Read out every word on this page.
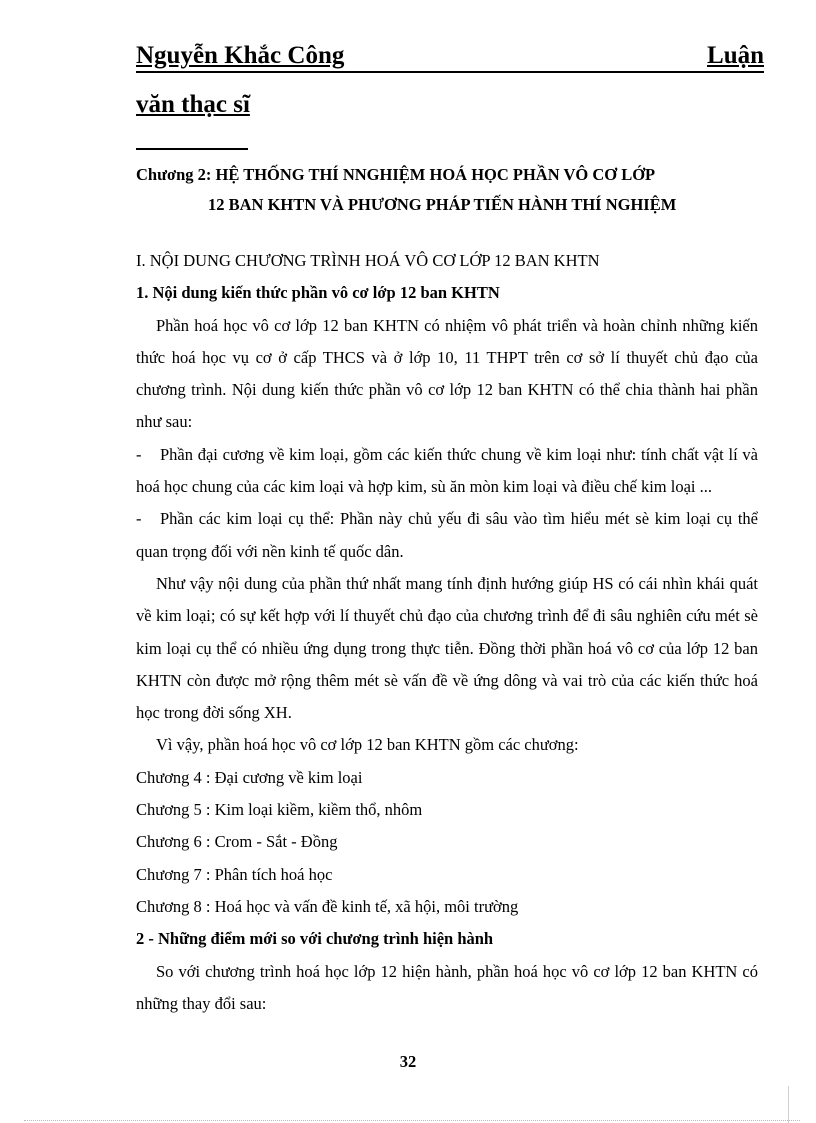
Nguyễn Khắc Công	Luận
văn thạc sĩ
Chương 2: HỆ THỐNG THÍ NNGHIỆM HOÁ HỌC PHẦN VÔ CƠ LỚP
12 BAN KHTN VÀ PHƯƠNG PHÁP TIẾN HÀNH THÍ NGHIỆM

I. NỘI DUNG CHƯƠNG TRÌNH HOÁ VÔ CƠ LỚP 12 BAN KHTN

1. Nội dung kiến thức phần vô cơ lớp 12 ban KHTN

Phần hoá học vô cơ lớp 12 ban KHTN có nhiệm vô phát triển và hoàn chỉnh những kiến thức hoá học vụ cơ ở cấp THCS và ở lớp 10, 11 THPT trên cơ sở lí thuyết chủ đạo của chương trình. Nội dung kiến thức phần vô cơ lớp 12 ban KHTN có thể chia thành hai phần như sau:

- Phần đại cương về kim loại, gồm các kiến thức chung về kim loại như: tính chất vật lí và hoá học chung của các kim loại và hợp kim, sù ăn mòn kim loại và điều chế kim loại ...

- Phần các kim loại cụ thể: Phần này chủ yếu đi sâu vào tìm hiểu mét sè kim loại cụ thể quan trọng đối với nền kinh tế quốc dân.

Như vậy nội dung của phần thứ nhất mang tính định hướng giúp HS có cái nhìn khái quát về kim loại; có sự kết hợp với lí thuyết chủ đạo của chương trình để đi sâu nghiên cứu mét sè kim loại cụ thể có nhiều ứng dụng trong thực tiễn. Đồng thời phần hoá vô cơ của lớp 12 ban KHTN còn được mở rộng thêm mét sè vấn đề về ứng dông và vai trò của các kiến thức hoá học trong đời sống XH.

Vì vậy, phần hoá học vô cơ lớp 12 ban KHTN gồm các chương:

Chương 4 : Đại cương về kim loại

Chương 5 : Kim loại kiềm, kiềm thổ, nhôm

Chương 6 : Crom - Sắt - Đồng

Chương 7 : Phân tích hoá học

Chương 8 : Hoá học và vấn đề kinh tế, xã hội, môi trường

2 - Những điểm mới so với chương trình hiện hành

So với chương trình hoá học lớp 12 hiện hành, phần hoá học vô cơ lớp 12 ban KHTN có những thay đổi sau:

32
